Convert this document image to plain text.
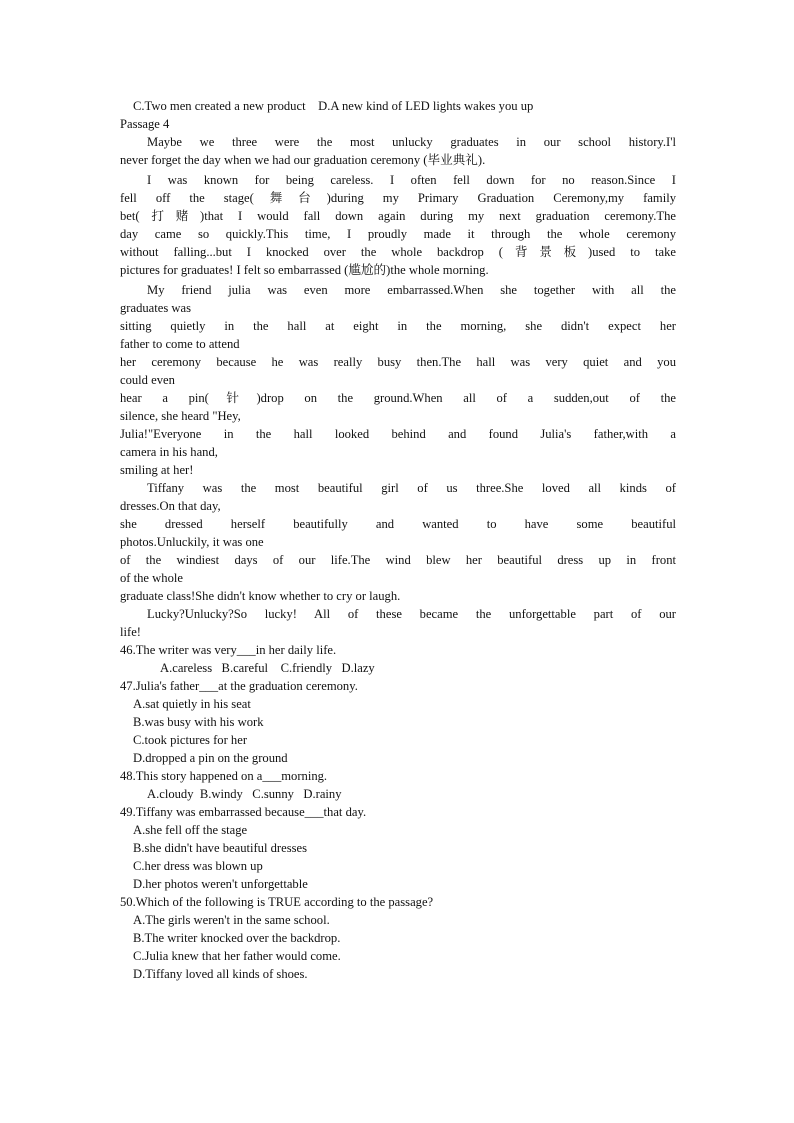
C.Two men created a new product D.A new kind of LED lights wakes you up
Passage 4
Maybe we three were the most unlucky graduates in our school history.I'l
never forget the day when we had our graduation ceremony (毕业典礼).
I was known for being careless. I often fell down for no reason.Since I
fell off the stage(舞台)during my Primary Graduation Ceremony,my family
bet(打赌)that I would fall down again during my next graduation ceremony.The
day came so quickly.This time, I proudly made it through the whole ceremony
without falling...but I knocked over the whole backdrop (背景板)used to take
pictures for graduates! I felt so embarrassed (尴尬的)the whole morning.
My friend julia was even more embarrassed.When she together with all the
graduates was
sitting quietly in the hall at eight in the morning, she didn't expect her
father to come to attend
her ceremony because he was really busy then.The hall was very quiet and you
could even
hear a pin(针)drop on the ground.When all of a sudden,out of the
silence, she heard "Hey,
Julia!"Everyone in the hall looked behind and found Julia's father,with a
camera in his hand,
smiling at her!
Tiffany was the most beautiful girl of us three.She loved all kinds of
dresses.On that day,
she dressed herself beautifully and wanted to have some beautiful
photos.Unluckily, it was one
of the windiest days of our life.The wind blew her beautiful dress up in front
of the whole
graduate class!She didn't know whether to cry or laugh.
Lucky?Unlucky?So lucky! All of these became the unforgettable part of our
life!
46.The writer was very___in her daily life.
A.careless   B.careful    C.friendly   D.lazy
47.Julia's father___at the graduation ceremony.
A.sat quietly in his seat
B.was busy with his work
C.took pictures for her
D.dropped a pin on the ground
48.This story happened on a___morning.
A.cloudy  B.windy   C.sunny   D.rainy
49.Tiffany was embarrassed because___that day.
A.she fell off the stage
B.she didn't have beautiful dresses
C.her dress was blown up
D.her photos weren't unforgettable
50.Which of the following is TRUE according to the passage?
A.The girls weren't in the same school.
B.The writer knocked over the backdrop.
C.Julia knew that her father would come.
D.Tiffany loved all kinds of shoes.
